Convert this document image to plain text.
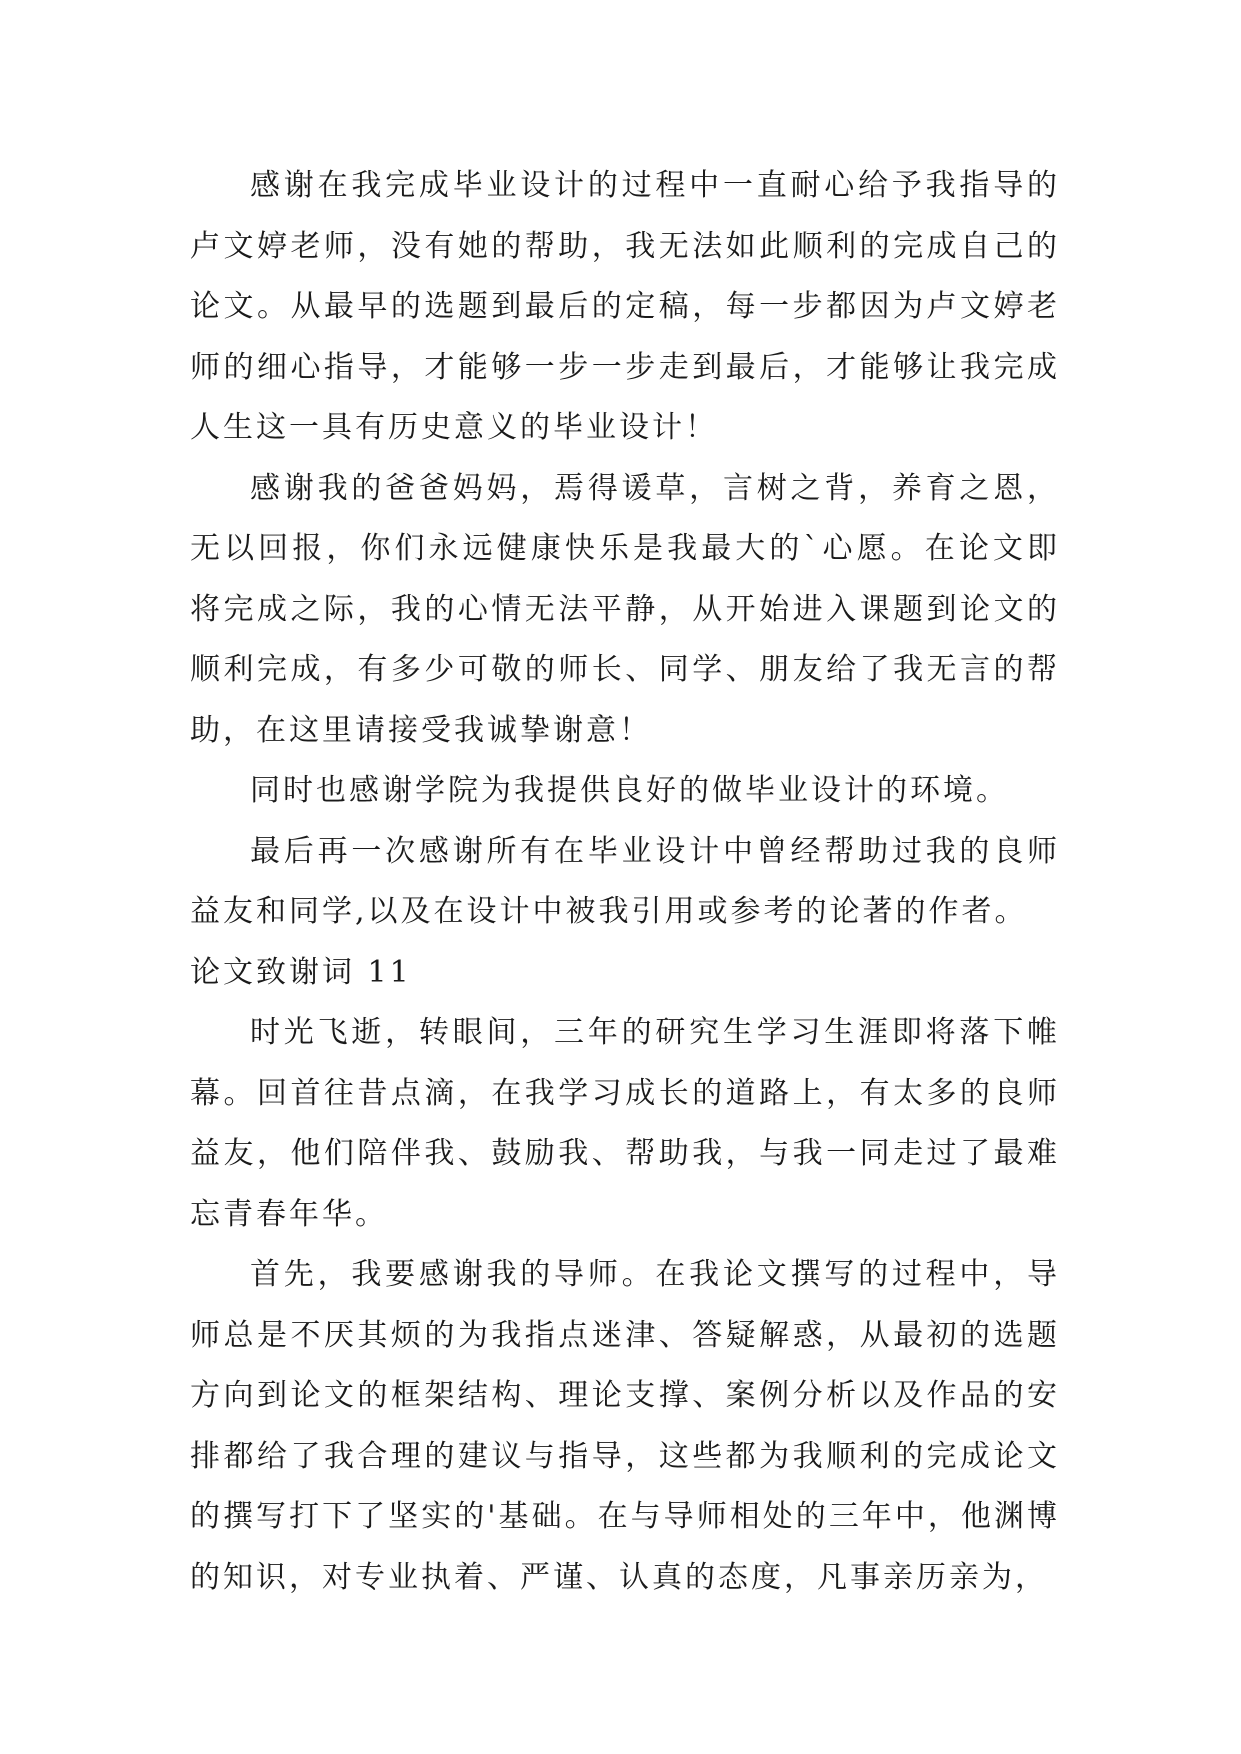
感谢在我完成毕业设计的过程中一直耐心给予我指导的卢文婷老师，没有她的帮助，我无法如此顺利的完成自己的论文。从最早的选题到最后的定稿，每一步都因为卢文婷老师的细心指导，才能够一步一步走到最后，才能够让我完成人生这一具有历史意义的毕业设计！

感谢我的爸爸妈妈，焉得谖草，言树之背，养育之恩，无以回报，你们永远健康快乐是我最大的`心愿。在论文即将完成之际，我的心情无法平静，从开始进入课题到论文的顺利完成，有多少可敬的师长、同学、朋友给了我无言的帮助，在这里请接受我诚挚谢意！

同时也感谢学院为我提供良好的做毕业设计的环境。

最后再一次感谢所有在毕业设计中曾经帮助过我的良师益友和同学,以及在设计中被我引用或参考的论著的作者。

论文致谢词 11

时光飞逝，转眼间，三年的研究生学习生涯即将落下帷幕。回首往昔点滴，在我学习成长的道路上，有太多的良师益友，他们陪伴我、鼓励我、帮助我，与我一同走过了最难忘青春年华。

首先，我要感谢我的导师。在我论文撰写的过程中，导师总是不厌其烦的为我指点迷津、答疑解惑，从最初的选题方向到论文的框架结构、理论支撑、案例分析以及作品的安排都给了我合理的建议与指导，这些都为我顺利的完成论文的撰写打下了坚实的'基础。在与导师相处的三年中，他渊博的知识，对专业执着、严谨、认真的态度，凡事亲历亲为，
